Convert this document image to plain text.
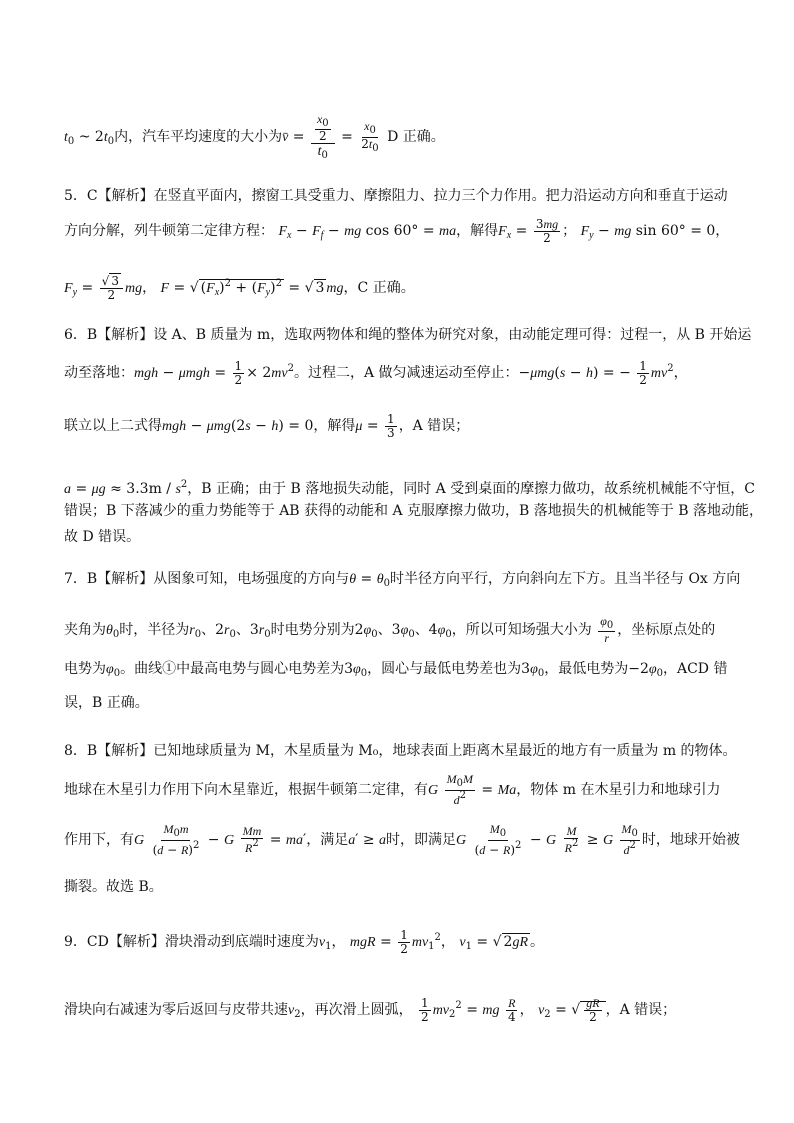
$t_0$ ~ $2t_0$内，汽车平均速度的大小为v̄ = $\frac{\frac{x_0}{2}}{t_0} = \frac{x_0}{2t_0}$ D 正确。
5．C【解析】在竖直平面内，擦窗工具受重力、摩擦阻力、拉力三个力作用。把力沿运动方向和垂直于运动
方向分解，列牛顿第二定律方程： $F_x - F_f$ − mg cos 60° = ma，解得$F_x = \frac{3mg}{2}$ ； $F_y$ − mg sin 60° = 0，
$F_y = \frac{√ 3}{2}$ mg， F = √ $(F_x)^2 + (F_y)^2$ = √ 3 mg，C 正确。
6．B【解析】设 A、B 质量为 m，选取两物体和绳的整体为研究对象，由动能定理可得：过程一，从 B 开始运
动至落地：mgh − $\mu mgh = \frac{1}{2} \times 2mv^2$。过程二，A 做匀减速运动至停止：−μmg(s − h) = − $\frac{1}{2} mv^2$，
联立以上二式得mgh − μmg(2s − h) = 0，解得$\mu = \frac{1}{3}$ ，A 错误；
$a = \mu g \approx 3.3m / s^2$，B 正确；由于 B 落地损失动能，同时 A 受到桌面的摩擦力做功，故系统机械能不守恒，C
错误；B 下落减少的重力势能等于 AB 获得的动能和 A 克服摩擦力做功，B 落地损失的机械能等于 B 落地动能，
故 D 错误。
7．B【解析】从图象可知，电场强度的方向与$\theta = \theta_0$时半径方向平行，方向斜向左下方。且当半径与 Ox 方向
夹角为$\theta_0$时，半径为$r_0$、$2r_0$、$3r_0$时电势分别为$2\varphi_0$、$3\varphi_0$、$4\varphi_0$，所以可知场强大小为 $\frac{\varphi_0}{r}$ ，坐标原点处的
电势为$\varphi_0$。曲线①中最高电势与圆心电势差为$3\varphi_0$，圆心与最低电势差也为$3\varphi_0$，最低电势为$-2\varphi_0$，ACD 错
误，B 正确。
8．B【解析】已知地球质量为 M，木星质量为 M₀，地球表面上距离木星最近的地方有一质量为 m 的物体。
地球在木星引力作用下向木星靠近，根据牛顿第二定律，有G $\frac{M_0M}{d^2} = Ma$，物体 m 在木星引力和地球引力
作用下，有G $\frac{M_0m}{(d - R)^2} - G \frac{Mm}{R^2} = ma'$，满足a′ ≥ a时，即满足G $\frac{M_0}{(d - R)^2} - G \frac{M}{R^2} \ge G \frac{M_0}{d^2}$ 时，地球开始被
撕裂。故选 B。
9．CD【解析】滑块滑动到底端时速度为$v_1$， mgR = $\frac{1}{2} mv_1^2$， $v_1$ = √ 2gR 。
滑块向右减速为零后返回与皮带共速$v_2$，再次滑上圆弧， $\frac{1}{2} mv_2^2$ = mg $\frac{R}{4}$ ， $v_2$ = √ $\frac{gR}{2}$ ，A 错误；
